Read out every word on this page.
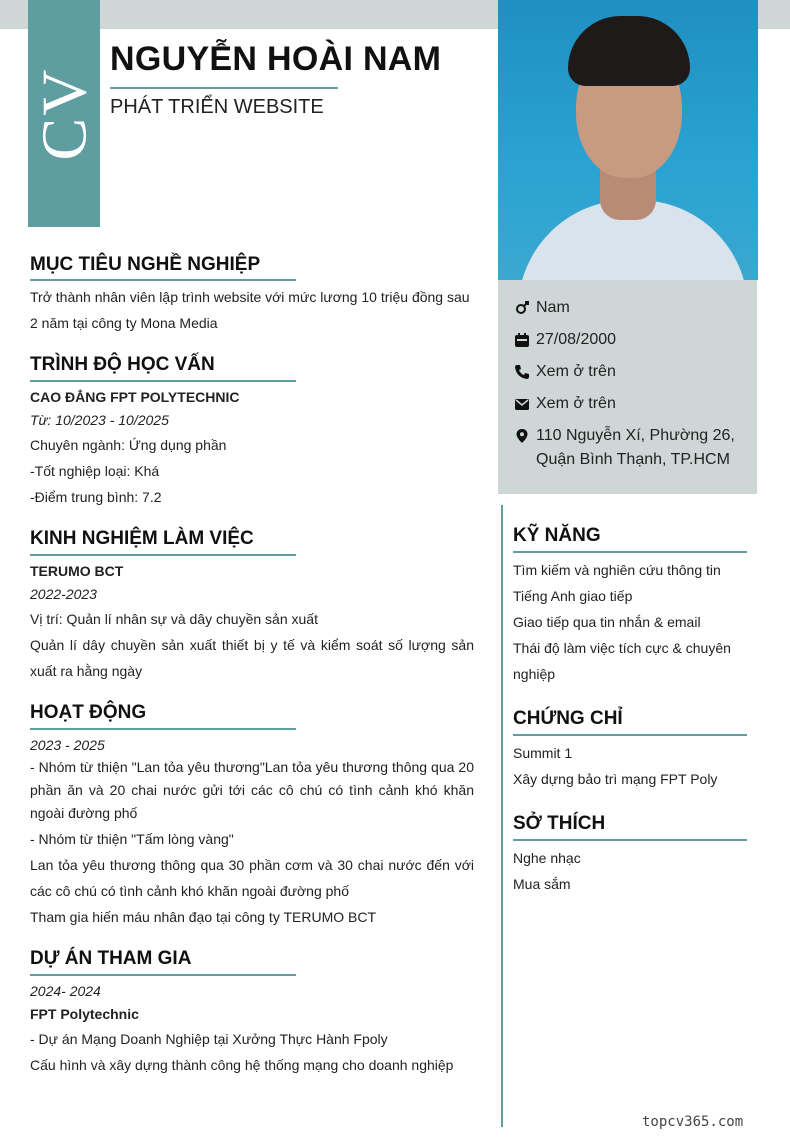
CV
NGUYỄN HOÀI NAM
PHÁT TRIỂN WEBSITE
Nam
27/08/2000
Xem ở trên
Xem ở trên
110 Nguyễn Xí, Phường 26,
Quận Bình Thạnh, TP.HCM
MỤC TIÊU NGHỀ NGHIỆP
Trở thành nhân viên lập trình website với mức lương 10 triệu đồng sau 2 năm tại công ty Mona Media
TRÌNH ĐỘ HỌC VẤN
CAO ĐẲNG FPT POLYTECHNIC
Từ: 10/2023 - 10/2025
Chuyên ngành: Ứng dụng phần
-Tốt nghiệp loại: Khá
-Điểm trung bình: 7.2
KINH NGHIỆM LÀM VIỆC
TERUMO BCT
2022-2023
Vị trí: Quản lí nhân sự và dây chuyền sản xuất
Quản lí dây chuyền sản xuất thiết bị y tế và kiểm soát số lượng sản xuất ra hằng ngày
HOẠT ĐỘNG
2023 - 2025
- Nhóm từ thiện "Lan tỏa yêu thương"Lan tỏa yêu thương thông qua 20 phần ăn và 20 chai nước gửi tới các cô chú có tình cảnh khó khăn ngoài đường phố
- Nhóm từ thiện "Tấm lòng vàng"
Lan tỏa yêu thương thông qua 30 phần cơm và 30 chai nước đến với các cô chú có tình cảnh khó khăn ngoài đường phố
Tham gia hiến máu nhân đạo tại công ty TERUMO BCT
DỰ ÁN THAM GIA
2024- 2024
FPT Polytechnic
- Dự án Mạng Doanh Nghiệp tại Xưởng Thực Hành Fpoly
Cấu hình và xây dựng thành công hệ thống mạng cho doanh nghiệp
KỸ NĂNG
Tìm kiếm và nghiên cứu thông tin
Tiếng Anh giao tiếp
Giao tiếp qua tin nhắn & email
Thái độ làm việc tích cực & chuyên nghiệp
CHỨNG CHỈ
Summit 1
Xây dựng bảo trì mạng FPT Poly
SỞ THÍCH
Nghe nhạc
Mua sắm
topcv365.com
